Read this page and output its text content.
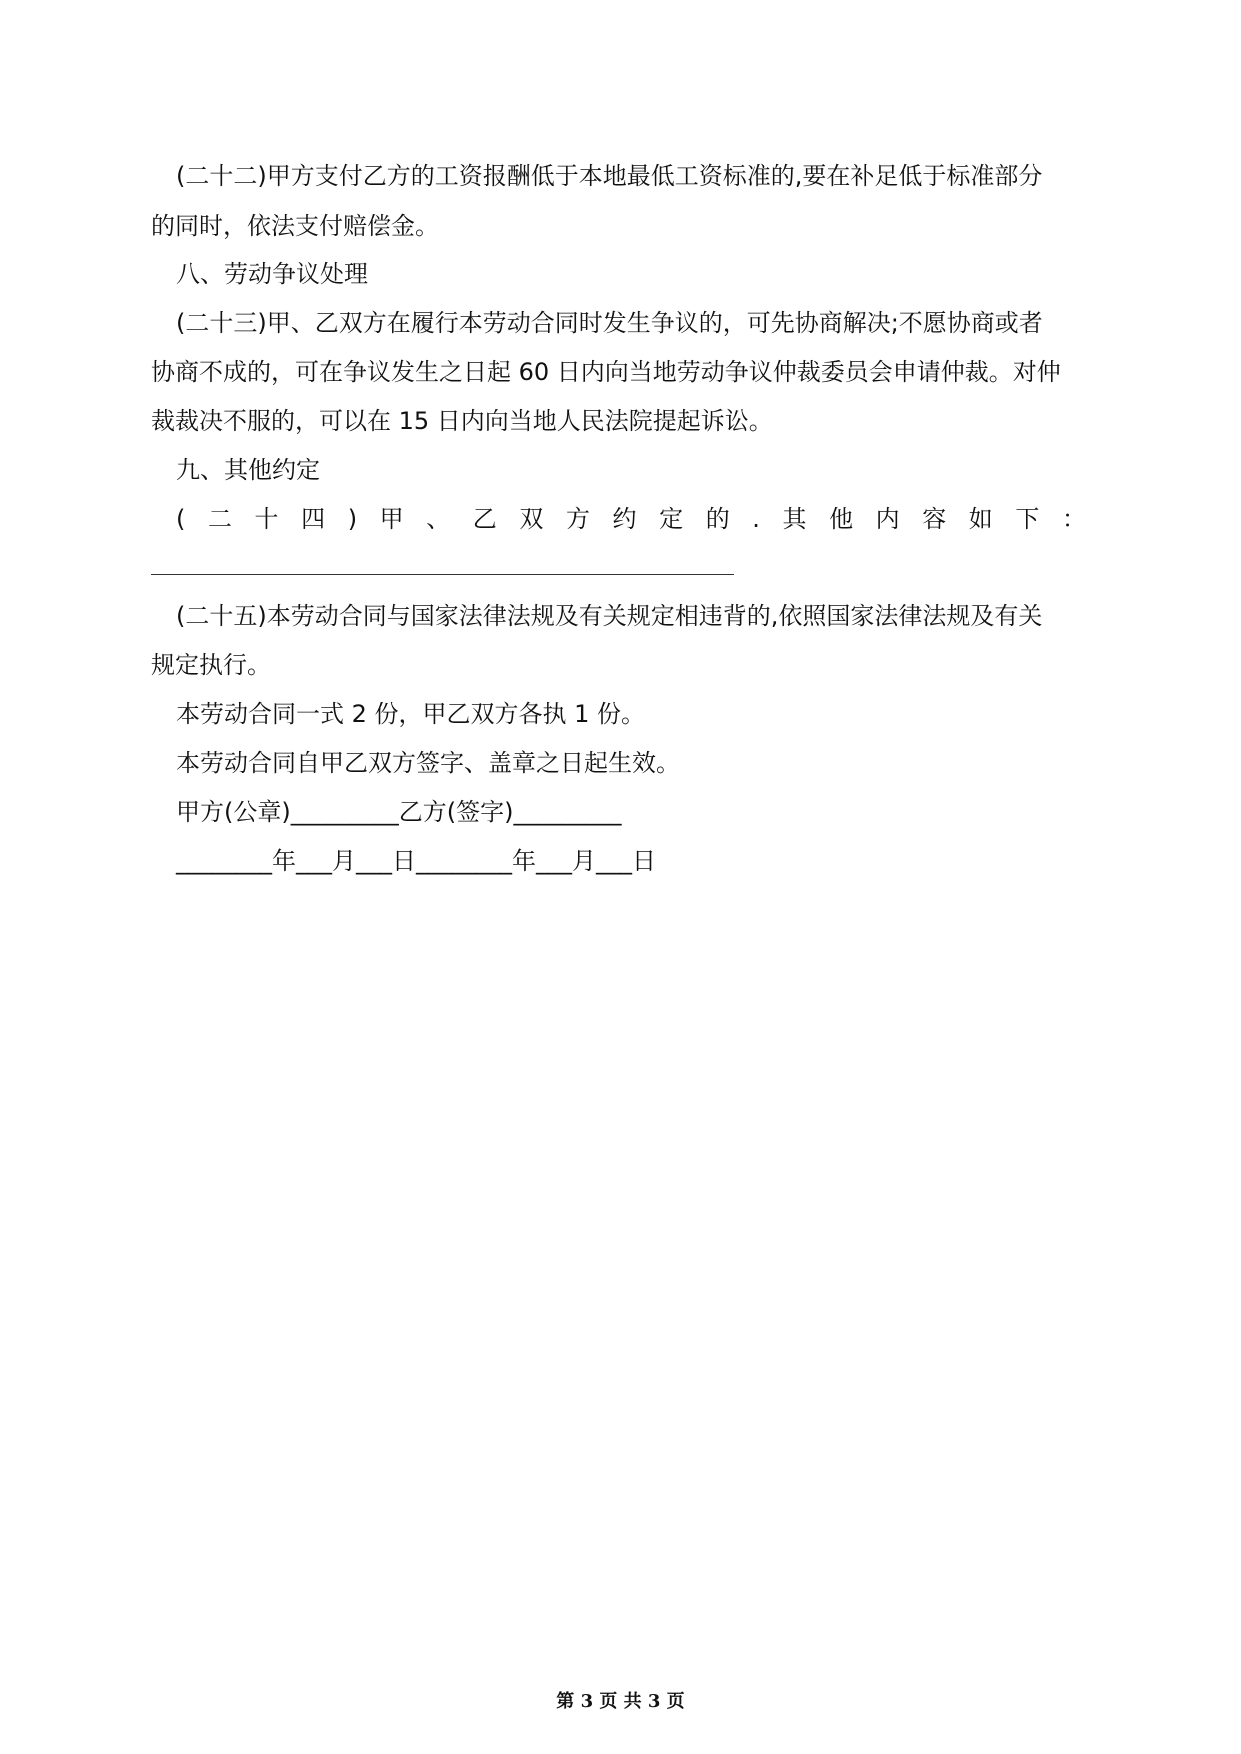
(二十二)甲方支付乙方的工资报酬低于本地最低工资标准的,要在补足低于标准部分
的同时，依法支付赔偿金。
八、劳动争议处理
(二十三)甲、乙双方在履行本劳动合同时发生争议的，可先协商解决;不愿协商或者
协商不成的，可在争议发生之日起 60 日内向当地劳动争议仲裁委员会申请仲裁。对仲
裁裁决不服的，可以在 15 日内向当地人民法院提起诉讼。
九、其他约定
( 二 十 四 ) 甲 、 乙 双 方 约 定 的 . 其 他 内 容 如 下 ：
(二十五)本劳动合同与国家法律法规及有关规定相违背的,依照国家法律法规及有关
规定执行。
本劳动合同一式 2 份，甲乙双方各执 1 份。
本劳动合同自甲乙双方签字、盖章之日起生效。
甲方(公章)_________乙方(签字)_________
________年___月___日________年___月___日
第 3 页 共 3 页
